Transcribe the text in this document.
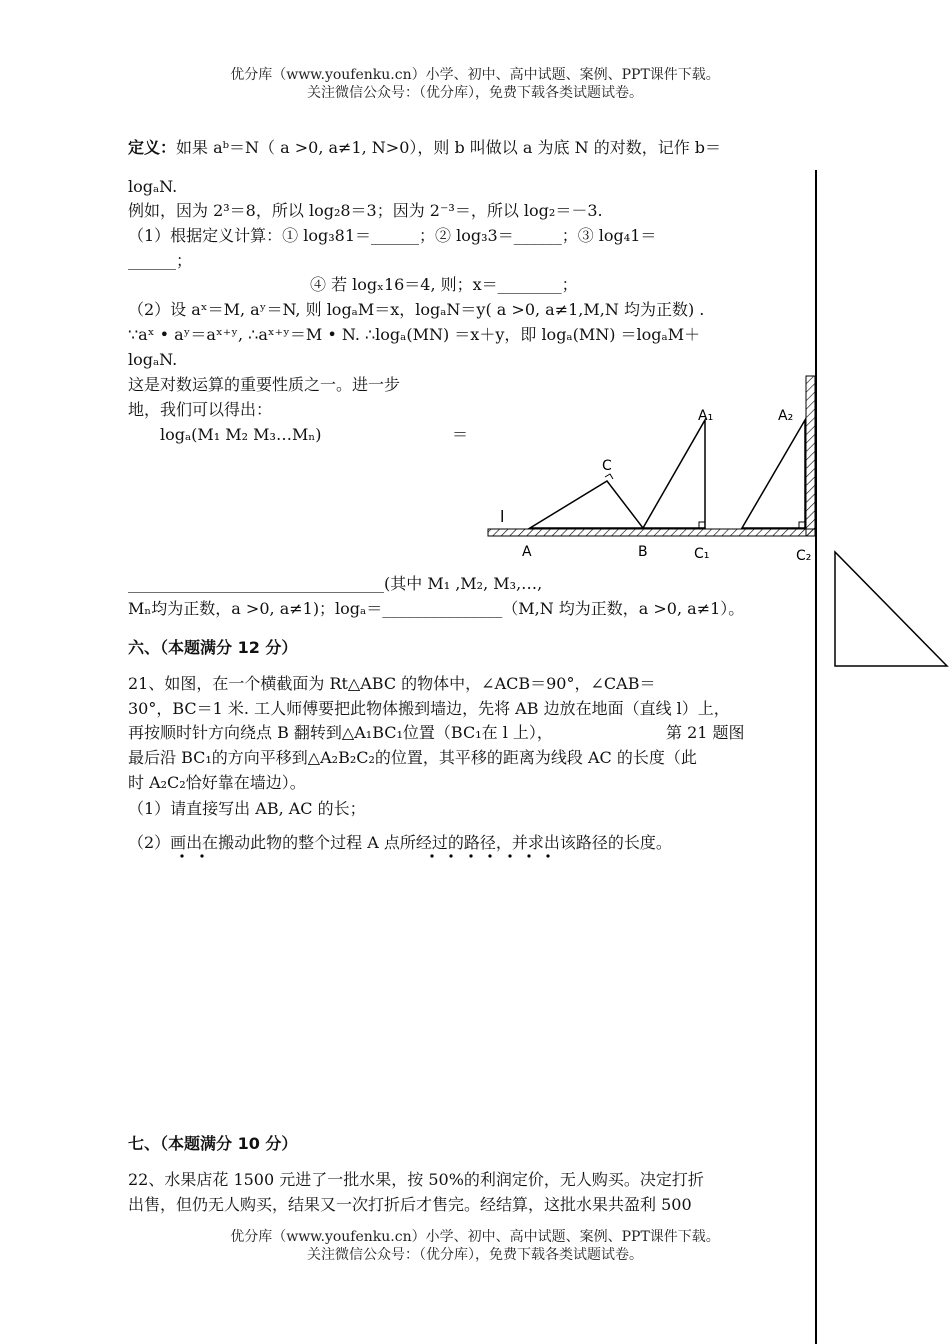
优分库（www.youfenku.cn）小学、初中、高中试题、案例、PPT课件下载。
关注微信公众号：（优分库），免费下载各类试题试卷。
定义：如果 aᵇ＝N（ a >0, a≠1, N>0），则 b 叫做以 a 为底 N 的对数，记作 b＝
logₐN.
例如，因为 2³＝8，所以 log₂8＝3；因为 2⁻³＝，所以 log₂＝－3.
（1）根据定义计算：① log₃81＝______；② log₃3＝______；③ log₄1＝
______；
④ 若 logₓ16＝4, 则；x＝________；
（2）设 aˣ＝M, aʸ＝N, 则 logₐM＝x，logₐN＝y( a >0, a≠1,M,N 均为正数) .
∵aˣ • aʸ＝aˣ⁺ʸ, ∴aˣ⁺ʸ＝M • N. ∴logₐ(MN) ＝x＋y，即 logₐ(MN) ＝logₐM＋
logₐN.
这是对数运算的重要性质之一。进一步
地，我们可以得出：
logₐ(M₁ M₂ M₃…Mₙ)	＝
________________________________(其中 M₁ ,M₂, M₃,…,
Mₙ均为正数，a >0, a≠1)；logₐ＝_______________（M,N 均为正数，a >0, a≠1）。
l
A	B
C
C₁
A₁	A₂
C₂
六、（本题满分 12 分）
21、如图，在一个横截面为 Rt△ABC 的物体中，∠ACB＝90°，∠CAB＝
30°，BC＝1 米. 工人师傅要把此物体搬到墙边，先将 AB 边放在地面（直线 l）上，
再按顺时针方向绕点 B 翻转到△A₁BC₁位置（BC₁在 l 上），	第 21 题图
最后沿 BC₁的方向平移到△A₂B₂C₂的位置，其平移的距离为线段 AC 的长度（此
时 A₂C₂恰好靠在墙边）。
（1）请直接写出 AB, AC 的长；
（2）画出在搬动此物的整个过程 A 点所经过的路径，并求出该路径的长度。
七、（本题满分 10 分）
22、水果店花 1500 元进了一批水果，按 50%的利润定价，无人购买。决定打折
出售，但仍无人购买，结果又一次打折后才售完。经结算，这批水果共盈利 500
优分库（www.youfenku.cn）小学、初中、高中试题、案例、PPT课件下载。
关注微信公众号：（优分库），免费下载各类试题试卷。
